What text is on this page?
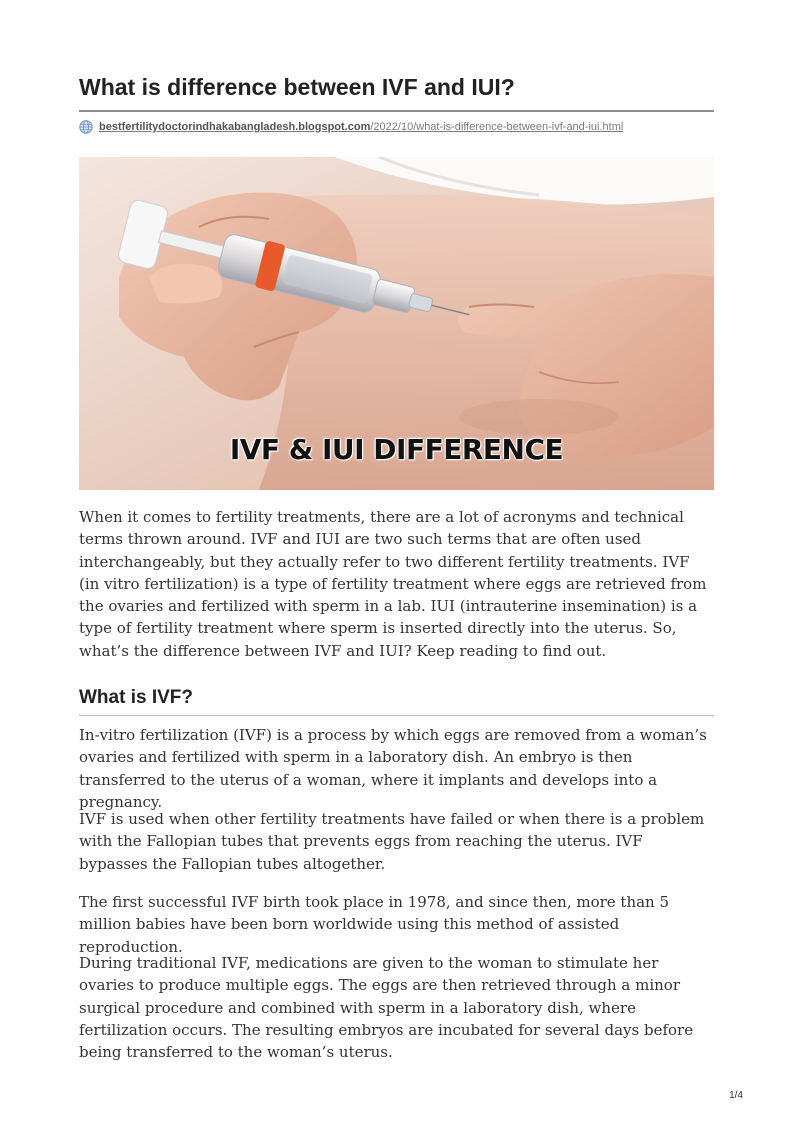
What is difference between IVF and IUI?
bestfertilitydoctorindhakabangladesh.blogspot.com/2022/10/what-is-difference-between-ivf-and-iui.html
IVF & IUI DIFFERENCE

When it comes to fertility treatments, there are a lot of acronyms and technical terms thrown around. IVF and IUI are two such terms that are often used interchangeably, but they actually refer to two different fertility treatments. IVF (in vitro fertilization) is a type of fertility treatment where eggs are retrieved from the ovaries and fertilized with sperm in a lab. IUI (intrauterine insemination) is a type of fertility treatment where sperm is inserted directly into the uterus. So, what’s the difference between IVF and IUI? Keep reading to find out.

What is IVF?

In-vitro fertilization (IVF) is a process by which eggs are removed from a woman’s ovaries and fertilized with sperm in a laboratory dish. An embryo is then transferred to the uterus of a woman, where it implants and develops into a pregnancy.

IVF is used when other fertility treatments have failed or when there is a problem with the Fallopian tubes that prevents eggs from reaching the uterus. IVF bypasses the Fallopian tubes altogether.

The first successful IVF birth took place in 1978, and since then, more than 5 million babies have been born worldwide using this method of assisted reproduction.

During traditional IVF, medications are given to the woman to stimulate her ovaries to produce multiple eggs. The eggs are then retrieved through a minor surgical procedure and combined with sperm in a laboratory dish, where fertilization occurs. The resulting embryos are incubated for several days before being transferred to the woman’s uterus.

1/4
